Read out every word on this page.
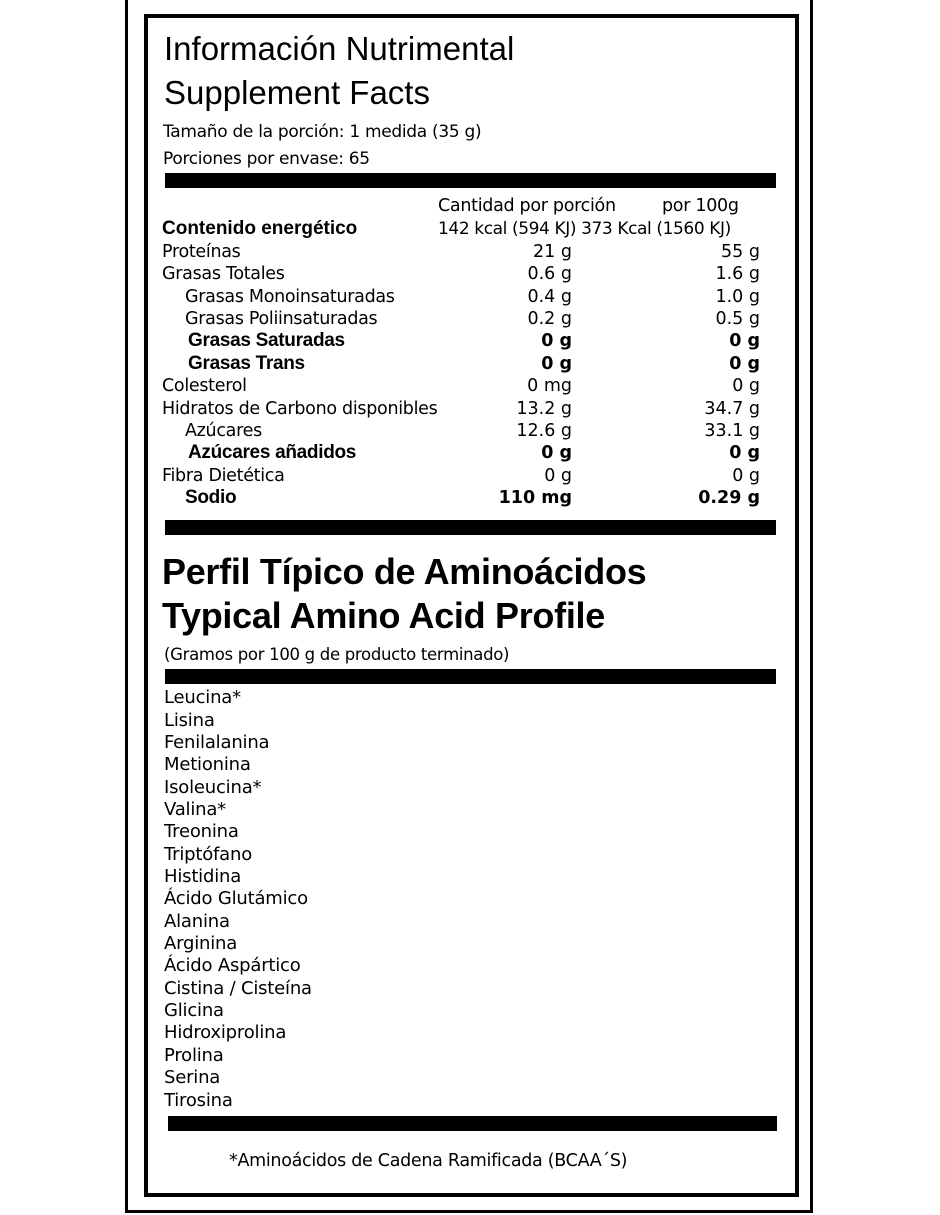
Información Nutrimental
Supplement Facts
Tamaño de la porción: 1 medida (35 g)
Porciones por envase: 65
Cantidad por porción	por 100g
Contenido energético	142 kcal (594 KJ) 373 Kcal (1560 KJ)
Proteínas	21 g	55 g
Grasas Totales	0.6 g	1.6 g
Grasas Monoinsaturadas	0.4 g	1.0 g
Grasas Poliinsaturadas	0.2 g	0.5 g
Grasas Saturadas	0 g	0 g
Grasas Trans	0 g	0 g
Colesterol	0 mg	0 g
Hidratos de Carbono disponibles	13.2 g	34.7 g
Azúcares	12.6 g	33.1 g
Azúcares añadidos	0 g	0 g
Fibra Dietética	0 g	0 g
Sodio	110 mg	0.29 g
Perfil Típico de Aminoácidos
Typical Amino Acid Profile
(Gramos por 100 g de producto terminado)
Leucina*
Lisina
Fenilalanina
Metionina
Isoleucina*
Valina*
Treonina
Triptófano
Histidina
Ácido Glutámico
Alanina
Arginina
Ácido Aspártico
Cistina / Cisteína
Glicina
Hidroxiprolina
Prolina
Serina
Tirosina
*Aminoácidos de Cadena Ramificada (BCAA´S)
